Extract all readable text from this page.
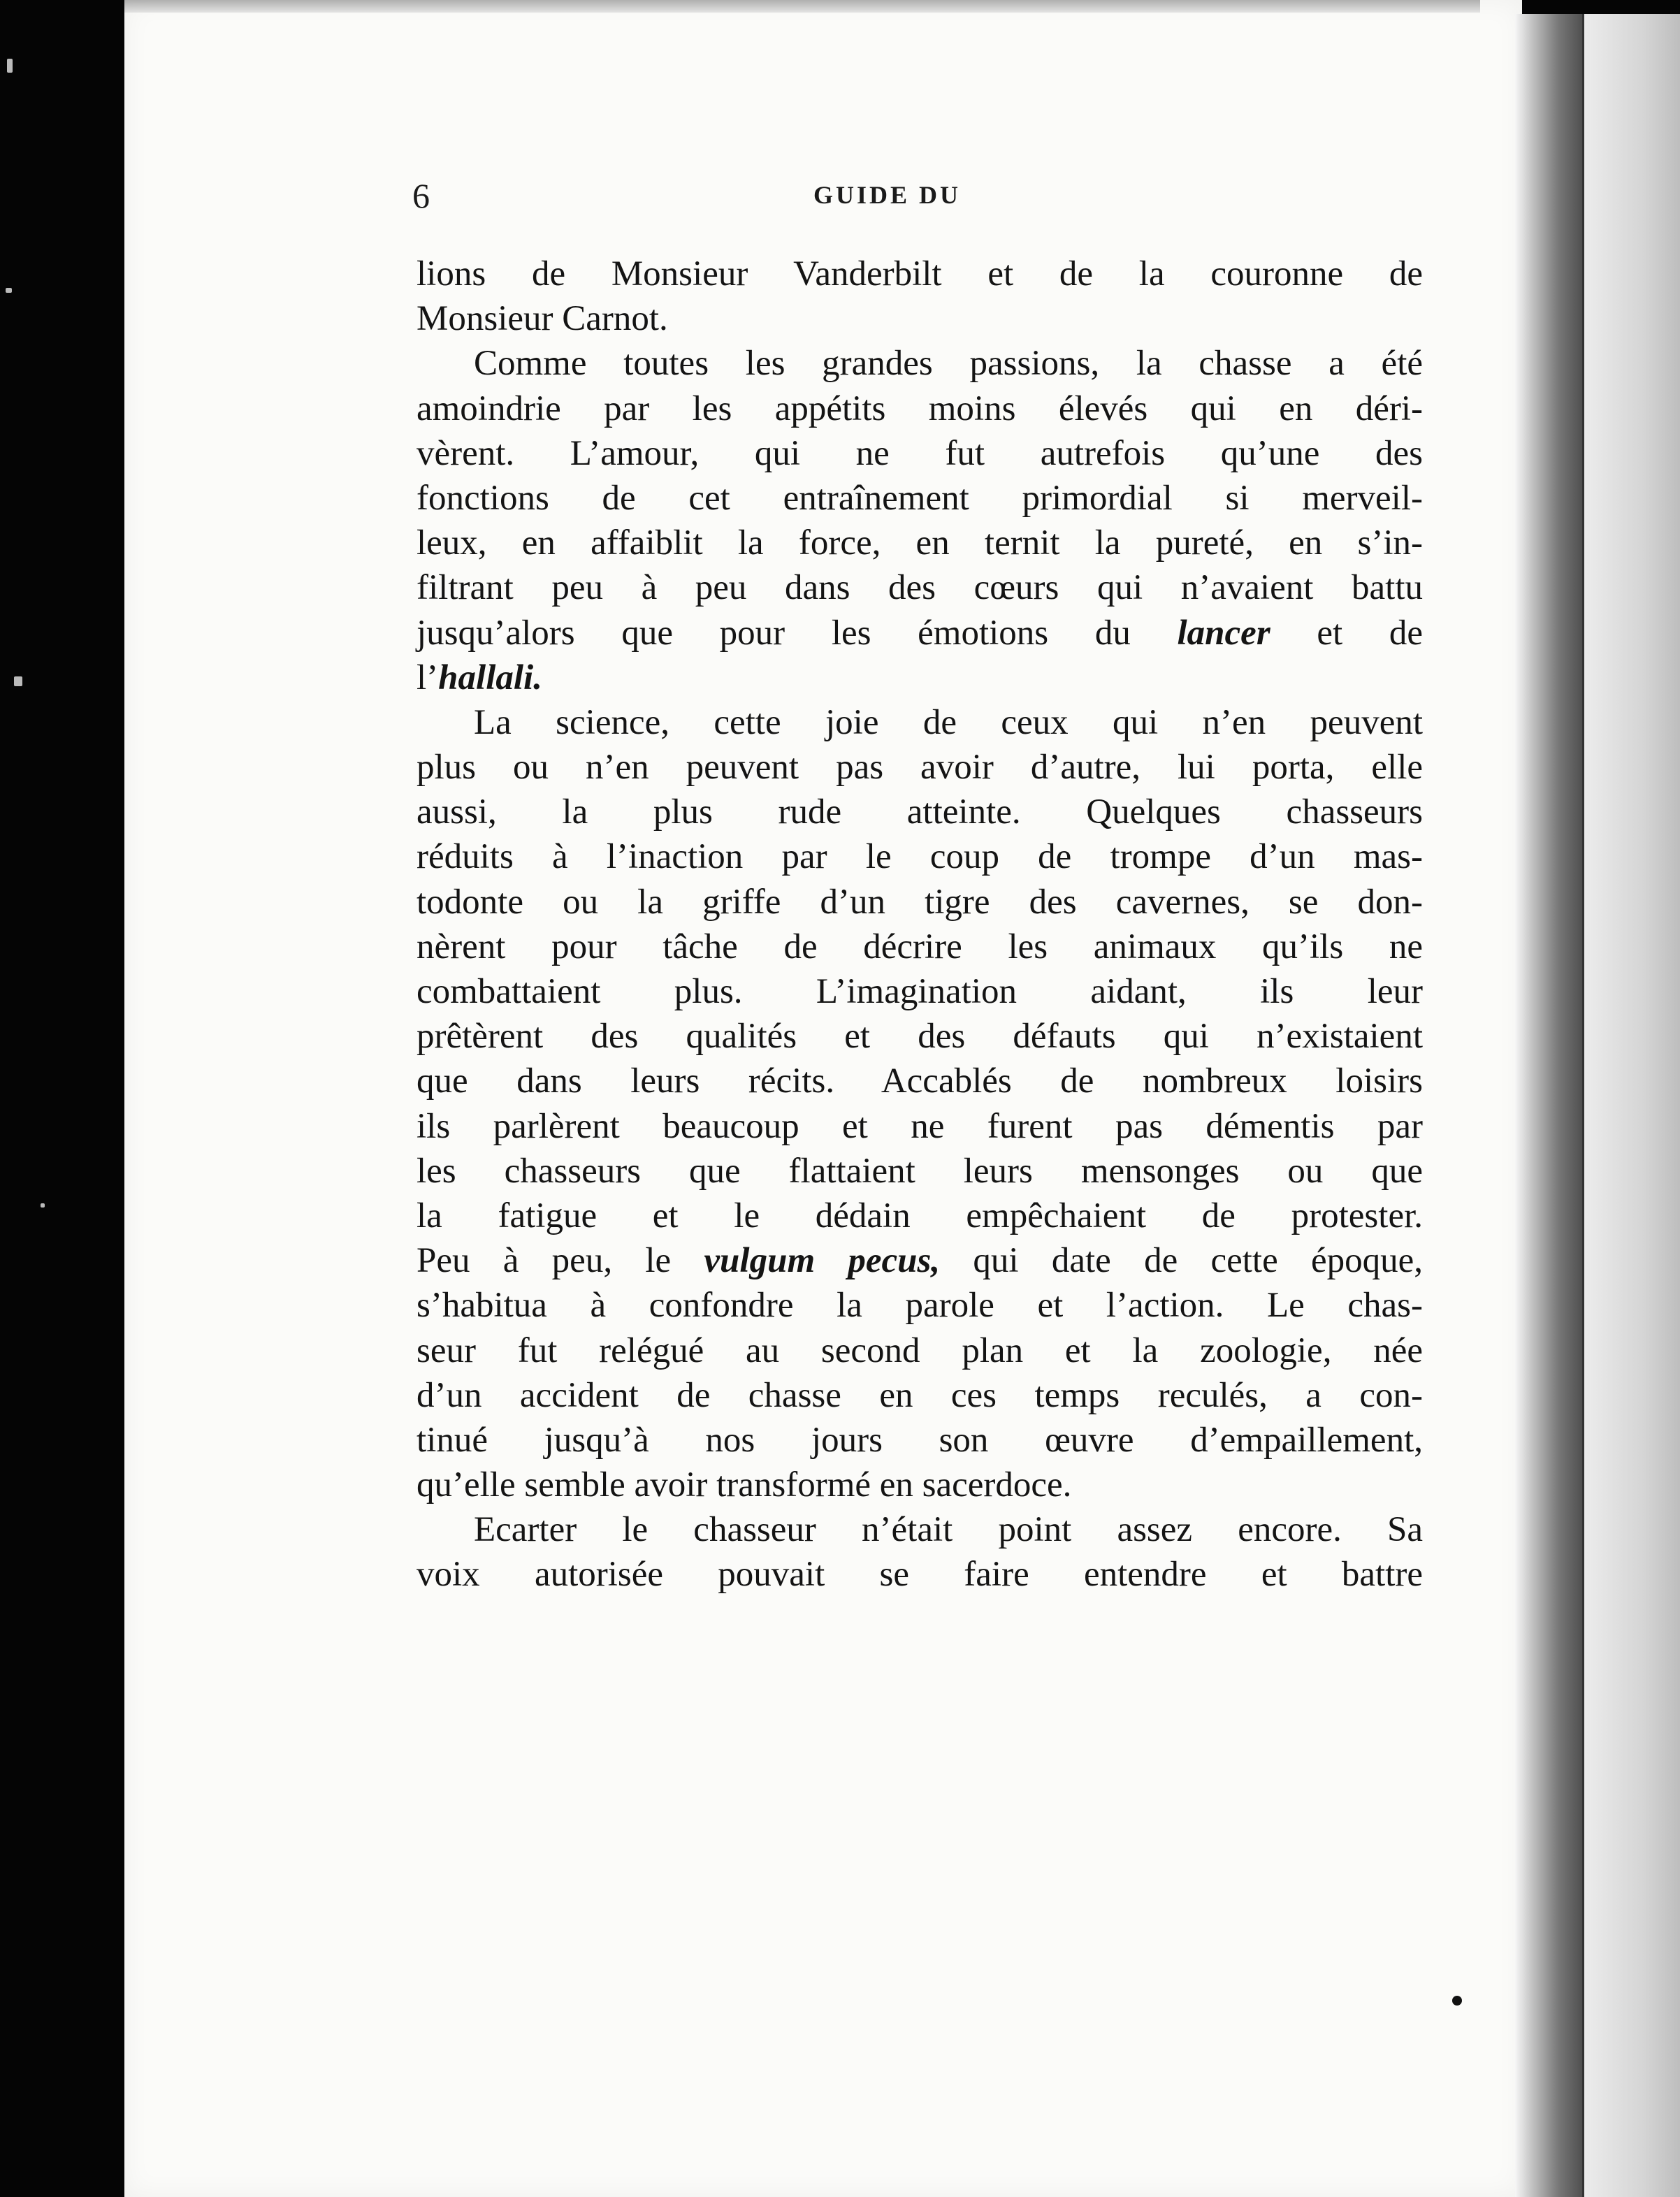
6	GUIDE DU
lions de Monsieur Vanderbilt et de la couronne de
Monsieur Carnot.
Comme toutes les grandes passions, la chasse a été
amoindrie par les appétits moins élevés qui en déri-
vèrent. L’amour, qui ne fut autrefois qu’une des
fonctions de cet entraînement primordial si merveil-
leux, en affaiblit la force, en ternit la pureté, en s’in-
filtrant peu à peu dans des cœurs qui n’avaient battu
jusqu’alors que pour les émotions du lancer et de
l’hallali.
La science, cette joie de ceux qui n’en peuvent
plus ou n’en peuvent pas avoir d’autre, lui porta, elle
aussi, la plus rude atteinte. Quelques chasseurs
réduits à l’inaction par le coup de trompe d’un mas-
todonte ou la griffe d’un tigre des cavernes, se don-
nèrent pour tâche de décrire les animaux qu’ils ne
combattaient plus. L’imagination aidant, ils leur
prêtèrent des qualités et des défauts qui n’existaient
que dans leurs récits. Accablés de nombreux loisirs
ils parlèrent beaucoup et ne furent pas démentis par
les chasseurs que flattaient leurs mensonges ou que
la fatigue et le dédain empêchaient de protester.
Peu à peu, le vulgum pecus, qui date de cette époque,
s’habitua à confondre la parole et l’action. Le chas-
seur fut relégué au second plan et la zoologie, née
d’un accident de chasse en ces temps reculés, a con-
tinué jusqu’à nos jours son œuvre d’empaillement,
qu’elle semble avoir transformé en sacerdoce.
Ecarter le chasseur n’était point assez encore. Sa
voix autorisée pouvait se faire entendre et battre
